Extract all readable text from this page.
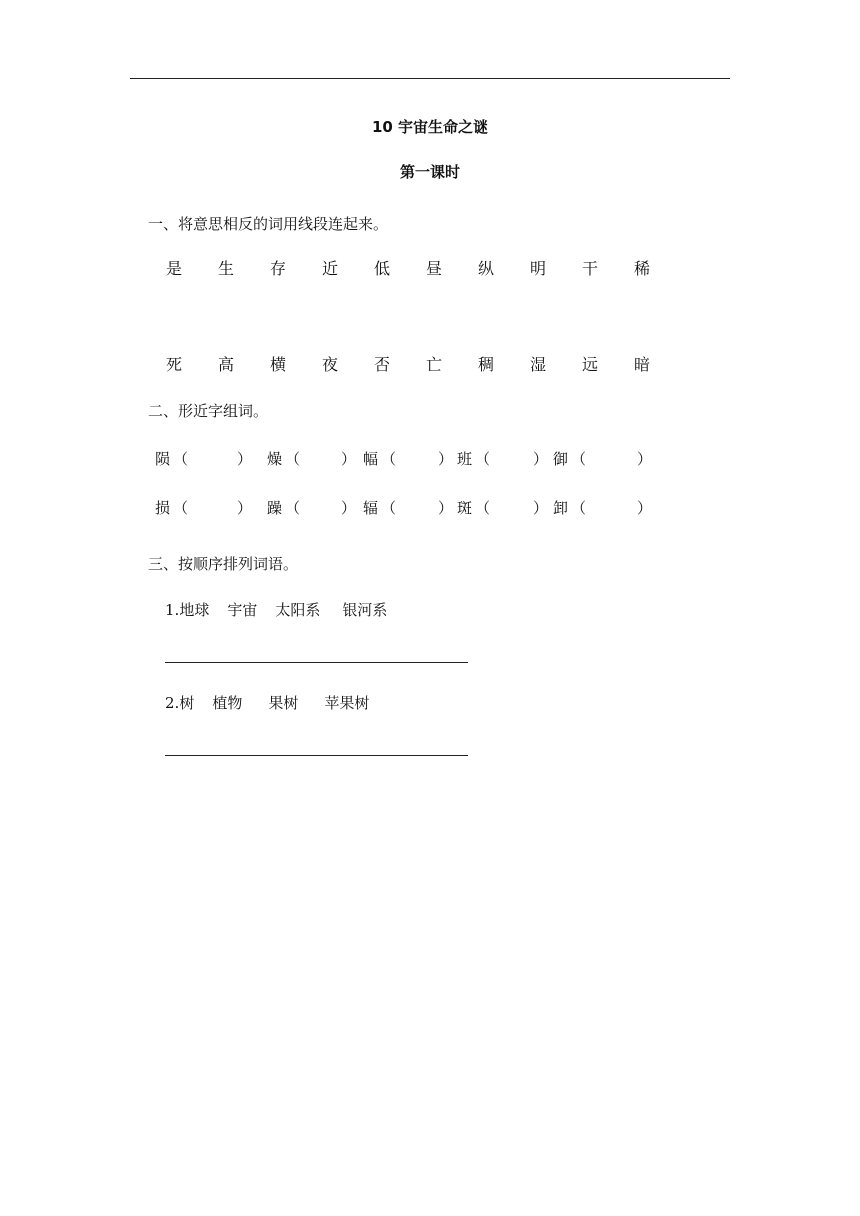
10 宇宙生命之谜
第一课时
一、将意思相反的词用线段连起来。
是 生 存 近 低 昼 纵 明 干 稀
死 高 横 夜 否 亡 稠 湿 远 暗
二、形近字组词。
陨 （	） 燥 （	） 幅 （	） 班 （	） 御 （	）
损 （	） 躁 （	） 辐 （	） 斑 （	） 卸 （	）
三、按顺序排列词语。
1.地球 宇宙 太阳系 银河系
2.树 植物 果树 苹果树
